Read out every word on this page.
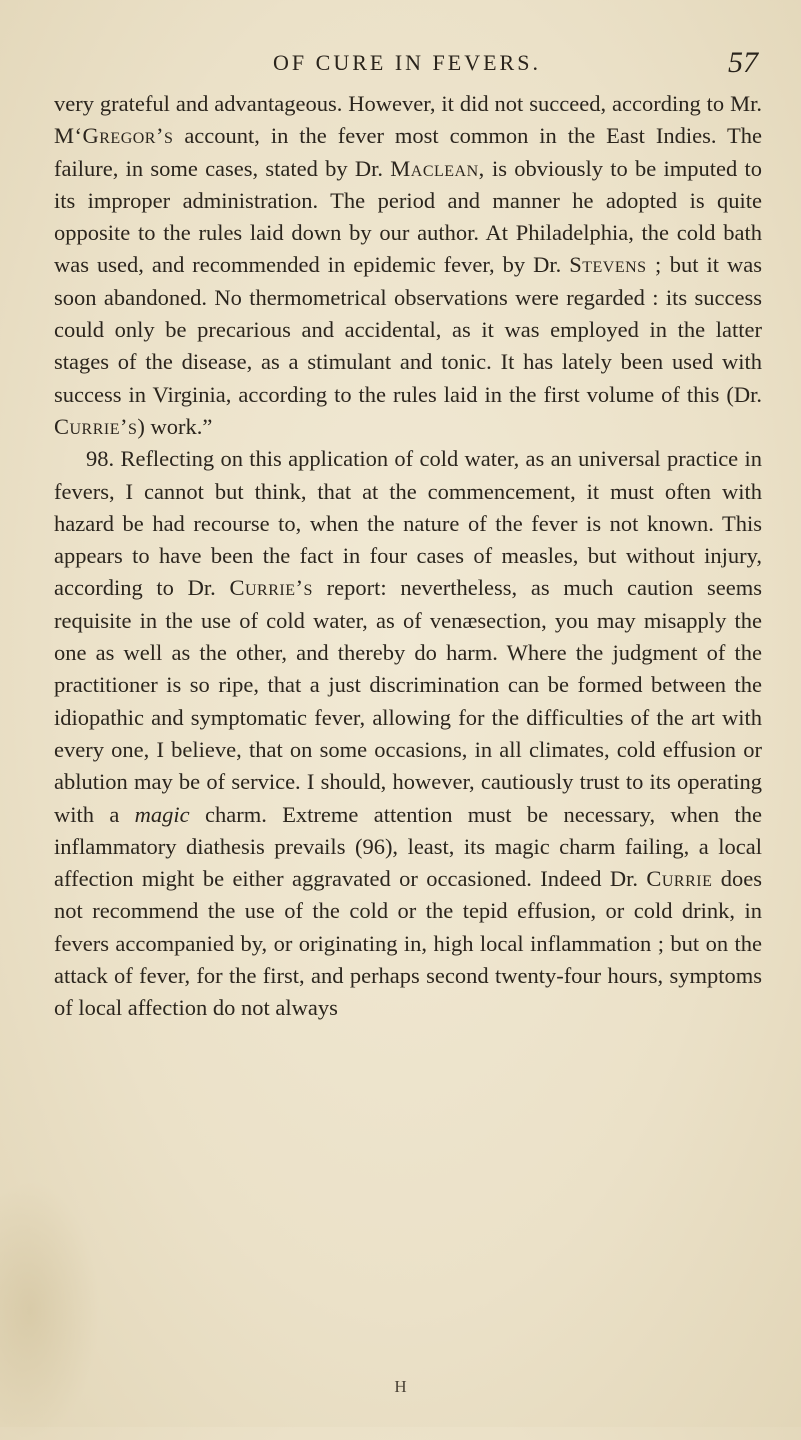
OF CURE IN FEVERS.	57

very grateful and advantageous. However, it did not succeed, according to Mr. M‘Gregor’s account, in the fever most common in the East Indies. The failure, in some cases, stated by Dr. Maclean, is obviously to be imputed to its improper administration. The period and manner he adopted is quite opposite to the rules laid down by our author. At Philadelphia, the cold bath was used, and recommended in epidemic fever, by Dr. Stevens ; but it was soon abandoned. No thermometrical observations were regarded : its success could only be precarious and accidental, as it was employed in the latter stages of the disease, as a stimulant and tonic. It has lately been used with success in Virginia, according to the rules laid in the first volume of this (Dr. Currie’s) work.”

98. Reflecting on this application of cold water, as an universal practice in fevers, I cannot but think, that at the commencement, it must often with hazard be had recourse to, when the nature of the fever is not known. This appears to have been the fact in four cases of measles, but without injury, according to Dr. Currie’s report: nevertheless, as much caution seems requisite in the use of cold water, as of venæsection, you may misapply the one as well as the other, and thereby do harm. Where the judgment of the practitioner is so ripe, that a just discrimination can be formed between the idiopathic and symptomatic fever, allowing for the difficulties of the art with every one, I believe, that on some occasions, in all climates, cold effusion or ablution may be of service. I should, however, cautiously trust to its operating with a magic charm. Extreme attention must be necessary, when the inflammatory diathesis prevails (96), least, its magic charm failing, a local affection might be either aggravated or occasioned. Indeed Dr. Currie does not recommend the use of the cold or the tepid effusion, or cold drink, in fevers accompanied by, or originating in, high local inflammation ; but on the attack of fever, for the first, and perhaps second twenty-four hours, symptoms of local affection do not always

H
